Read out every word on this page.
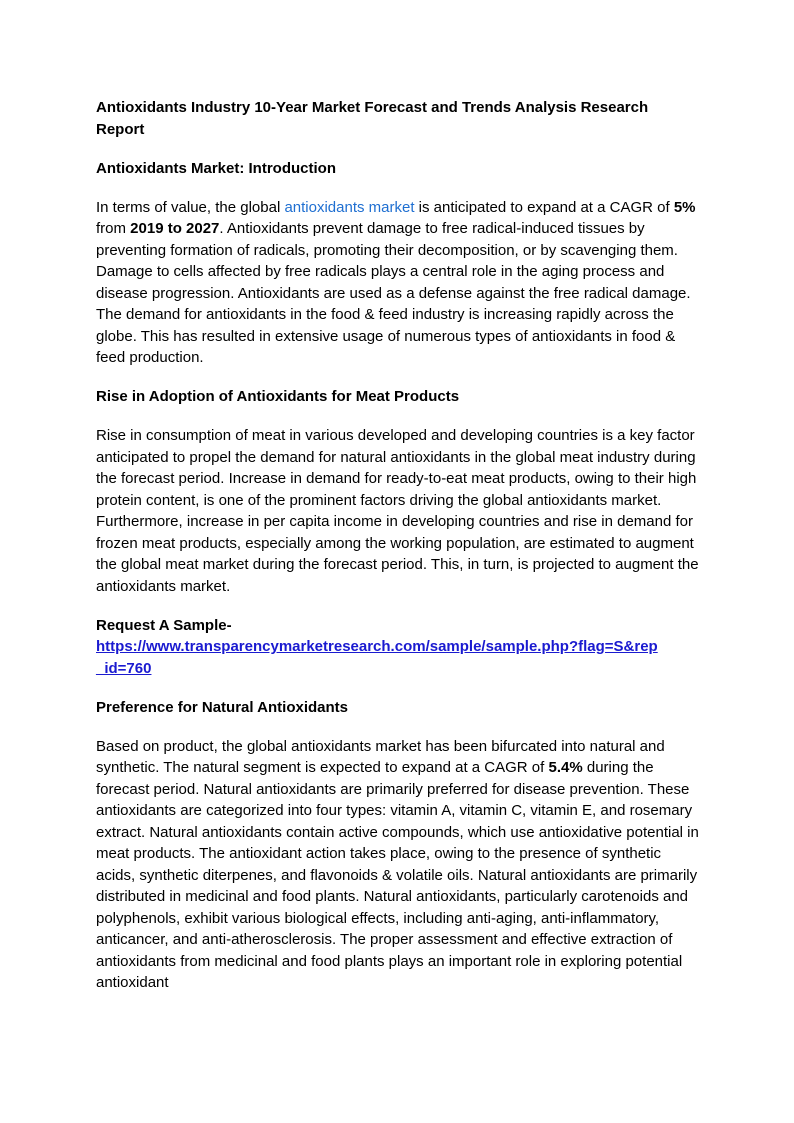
Antioxidants Industry 10-Year Market Forecast and Trends Analysis Research Report

Antioxidants Market: Introduction

In terms of value, the global antioxidants market is anticipated to expand at a CAGR of 5% from 2019 to 2027. Antioxidants prevent damage to free radical-induced tissues by preventing formation of radicals, promoting their decomposition, or by scavenging them. Damage to cells affected by free radicals plays a central role in the aging process and disease progression. Antioxidants are used as a defense against the free radical damage. The demand for antioxidants in the food & feed industry is increasing rapidly across the globe. This has resulted in extensive usage of numerous types of antioxidants in food & feed production.

Rise in Adoption of Antioxidants for Meat Products

Rise in consumption of meat in various developed and developing countries is a key factor anticipated to propel the demand for natural antioxidants in the global meat industry during the forecast period. Increase in demand for ready-to-eat meat products, owing to their high protein content, is one of the prominent factors driving the global antioxidants market. Furthermore, increase in per capita income in developing countries and rise in demand for frozen meat products, especially among the working population, are estimated to augment the global meat market during the forecast period. This, in turn, is projected to augment the antioxidants market.

Request A Sample-
https://www.transparencymarketresearch.com/sample/sample.php?flag=S&rep
_id=760

Preference for Natural Antioxidants

Based on product, the global antioxidants market has been bifurcated into natural and synthetic. The natural segment is expected to expand at a CAGR of 5.4% during the forecast period. Natural antioxidants are primarily preferred for disease prevention. These antioxidants are categorized into four types: vitamin A, vitamin C, vitamin E, and rosemary extract. Natural antioxidants contain active compounds, which use antioxidative potential in meat products. The antioxidant action takes place, owing to the presence of synthetic acids, synthetic diterpenes, and flavonoids & volatile oils. Natural antioxidants are primarily distributed in medicinal and food plants. Natural antioxidants, particularly carotenoids and polyphenols, exhibit various biological effects, including anti-aging, anti-inflammatory, anticancer, and anti-atherosclerosis. The proper assessment and effective extraction of antioxidants from medicinal and food plants plays an important role in exploring potential antioxidant
